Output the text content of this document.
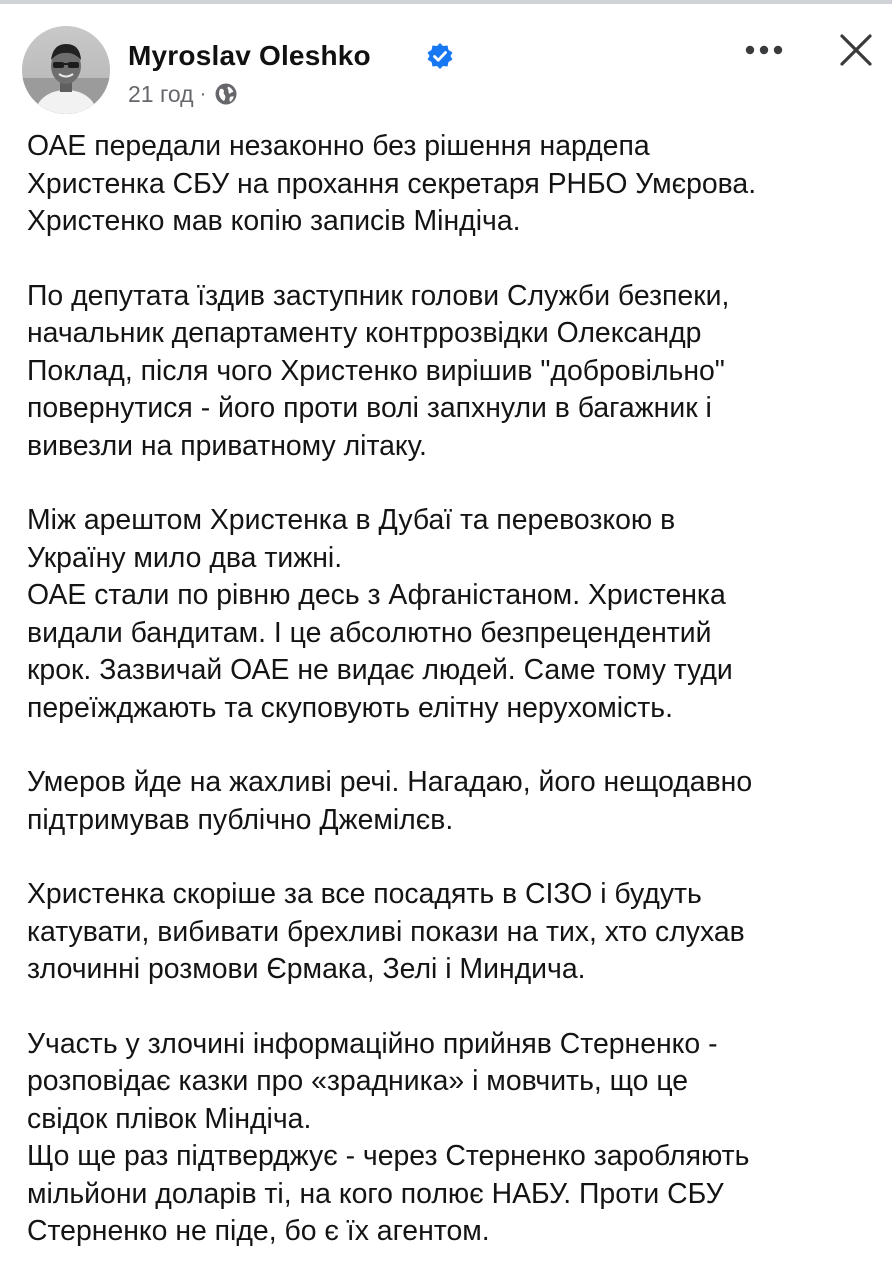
Myroslav Oleshko
21 год ·
ОАЕ передали незаконно без рішення нардепа
Христенка СБУ на прохання секретаря РНБО Умєрова.
Христенко мав копію записів Міндіча.
По депутата їздив заступник голови Служби безпеки,
начальник департаменту контррозвідки Олександр
Поклад, після чого Христенко вирішив "добровільно"
повернутися - його проти волі запхнули в багажник і
вивезли на приватному літаку.
Між арештом Христенка в Дубаї та перевозкою в
Україну мило два тижні.
ОАЕ стали по рівню десь з Афганістаном. Христенка
видали бандитам. І це абсолютно безпрецендентий
крок. Зазвичай ОАЕ не видає людей. Саме тому туди
переїжджають та скуповують елітну нерухомість.
Умеров йде на жахливі речі. Нагадаю, його нещодавно
підтримував публічно Джемілєв.
Христенка скоріше за все посадять в СІЗО і будуть
катувати, вибивати брехливі покази на тих, хто слухав
злочинні розмови Єрмака, Зелі і Миндича.
Участь у злочині інформаційно прийняв Стерненко -
розповідає казки про «зрадника» і мовчить, що це
свідок плівок Міндіча.
Що ще раз підтверджує - через Стерненко заробляють
мільйони доларів ті, на кого полює НАБУ. Проти СБУ
Стерненко не піде, бо є їх агентом.
